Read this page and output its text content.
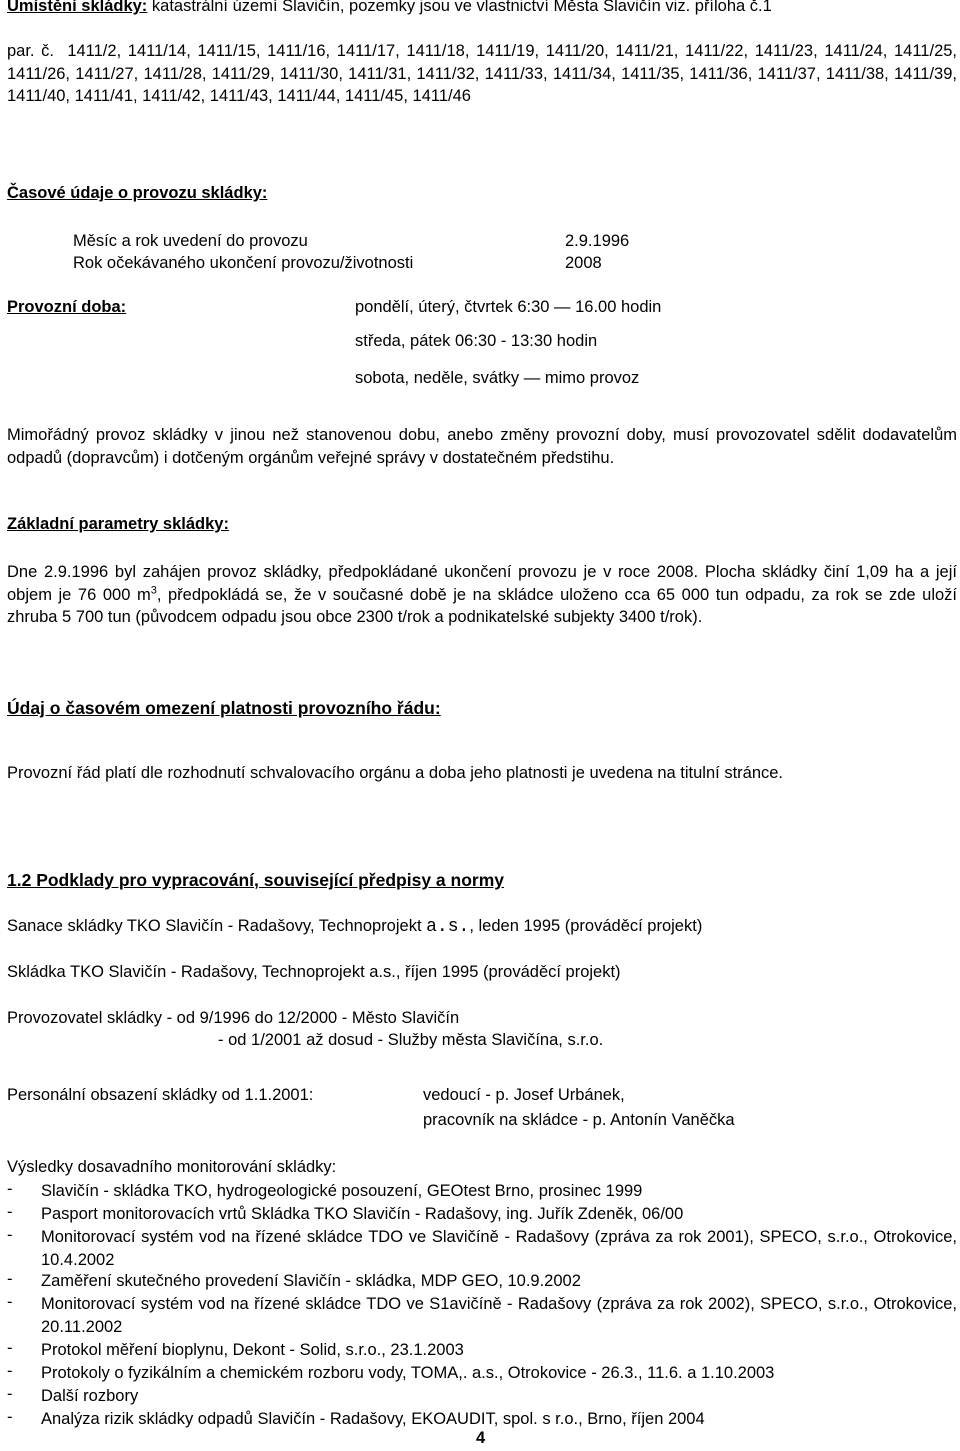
Umístění skládky: katastrální území Slavičín, pozemky jsou ve vlastnictví Města Slavičín viz. příloha č.1
par. č. 1411/2, 1411/14, 1411/15, 1411/16, 1411/17, 1411/18, 1411/19, 1411/20, 1411/21, 1411/22, 1411/23, 1411/24, 1411/25, 1411/26, 1411/27, 1411/28, 1411/29, 1411/30, 1411/31, 1411/32, 1411/33, 1411/34, 1411/35, 1411/36, 1411/37, 1411/38, 1411/39, 1411/40, 1411/41, 1411/42, 1411/43, 1411/44, 1411/45, 1411/46
Časové údaje o provozu skládky:
Měsíc a rok uvedení do provozu	2.9.1996
Rok očekávaného ukončení provozu/životnosti	2008
Provozní doba:	pondělí, úterý, čtvrtek 6:30 — 16.00 hodin
středa, pátek 06:30 - 13:30 hodin
sobota, neděle, svátky — mimo provoz
Mimořádný provoz skládky v jinou než stanovenou dobu, anebo změny provozní doby, musí provozovatel sdělit dodavatelům odpadů (dopravcům) i dotčeným orgánům veřejné správy v dostatečném předstihu.
Základní parametry skládky:
Dne 2.9.1996 byl zahájen provoz skládky, předpokládané ukončení provozu je v roce 2008. Plocha skládky činí 1,09 ha a její objem je 76 000 $m^3$, předpokládá se, že v současné době je na skládce uloženo cca 65 000 tun odpadu, za rok se zde uloží zhruba 5 700 tun (původcem odpadu jsou obce 2300 t/rok a podnikatelské subjekty 3400 t/rok).
Údaj o časovém omezení platnosti provozního řádu:
Provozní řád platí dle rozhodnutí schvalovacího orgánu a doba jeho platnosti je uvedena na titulní stránce.
1.2 Podklady pro vypracování, související předpisy a normy
Sanace skládky TKO Slavičín - Radašovy, Technoprojekt a.s., leden 1995 (prováděcí projekt)
Skládka TKO Slavičín - Radašovy, Technoprojekt a.s., říjen 1995 (prováděcí projekt)
Provozovatel skládky - od 9/1996 do 12/2000 - Město Slavičín
- od 1/2001 až dosud - Služby města Slavičína, s.r.o.
Personální obsazení skládky od 1.1.2001:	vedoucí - p. Josef Urbánek,
pracovník na skládce - p. Antonín Vaněčka
Výsledky dosavadního monitorování skládky:
- Slavičín - skládka TKO, hydrogeologické posouzení, GEOtest Brno, prosinec 1999
- Pasport monitorovacích vrtů Skládka TKO Slavičín - Radašovy, ing. Juřík Zdeněk, 06/00
- Monitorovací systém vod na řízené skládce TDO ve Slavičíně - Radašovy (zpráva za rok 2001), SPECO, s.r.o., Otrokovice, 10.4.2002
- Zaměření skutečného provedení Slavičín - skládka, MDP GEO, 10.9.2002
- Monitorovací systém vod na řízené skládce TDO ve S1avičíně - Radašovy (zpráva za rok 2002), SPECO, s.r.o., Otrokovice, 20.11.2002
- Protokol měření bioplynu, Dekont - Solid, s.r.o., 23.1.2003
- Protokoly o fyzikálním a chemickém rozboru vody, TOMA,. a.s., Otrokovice - 26.3., 11.6. a 1.10.2003
- Další rozbory
- Analýza rizik skládky odpadů Slavičín - Radašovy, EKOAUDIT, spol. s r.o., Brno, říjen 2004
4
